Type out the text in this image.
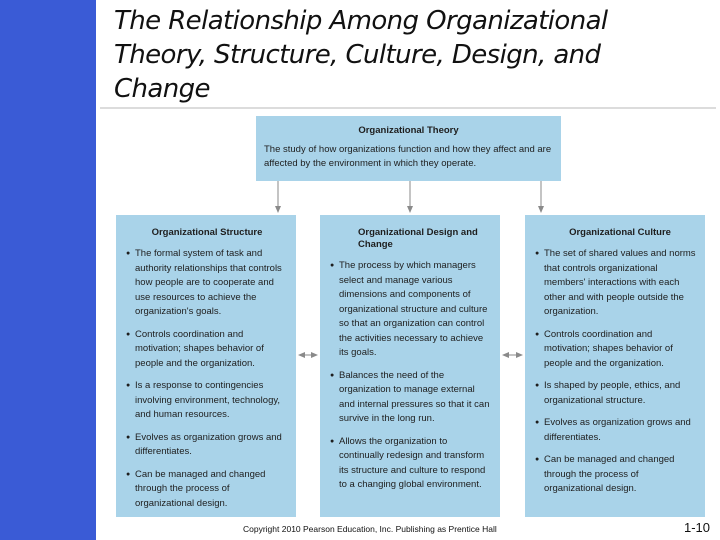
The Relationship Among Organizational Theory, Structure, Culture, Design, and Change
Organizational Theory

The study of how organizations function and how they affect and are affected by the environment in which they operate.

Organizational Structure
● The formal system of task and authority relationships that controls how people are to cooperate and use resources to achieve the organization's goals.
● Controls coordination and motivation; shapes behavior of people and the organization.
● Is a response to contingencies involving environment, technology, and human resources.
● Evolves as organization grows and differentiates.
● Can be managed and changed through the process of organizational design.
Organizational Design and Change
● The process by which managers select and manage various dimensions and components of organizational structure and culture so that an organization can control the activities necessary to achieve its goals.
● Balances the need of the organization to manage external and internal pressures so that it can survive in the long run.
● Allows the organization to continually redesign and transform its structure and culture to respond to a changing global environment.
Organizational Culture
● The set of shared values and norms that controls organizational members' interactions with each other and with people outside the organization.
● Controls coordination and motivation; shapes behavior of people and the organization.
● Is shaped by people, ethics, and organizational structure.
● Evolves as organization grows and differentiates.
● Can be managed and changed through the process of organizational design.
Copyright 2010 Pearson Education, Inc. Publishing as Prentice Hall	1-10
